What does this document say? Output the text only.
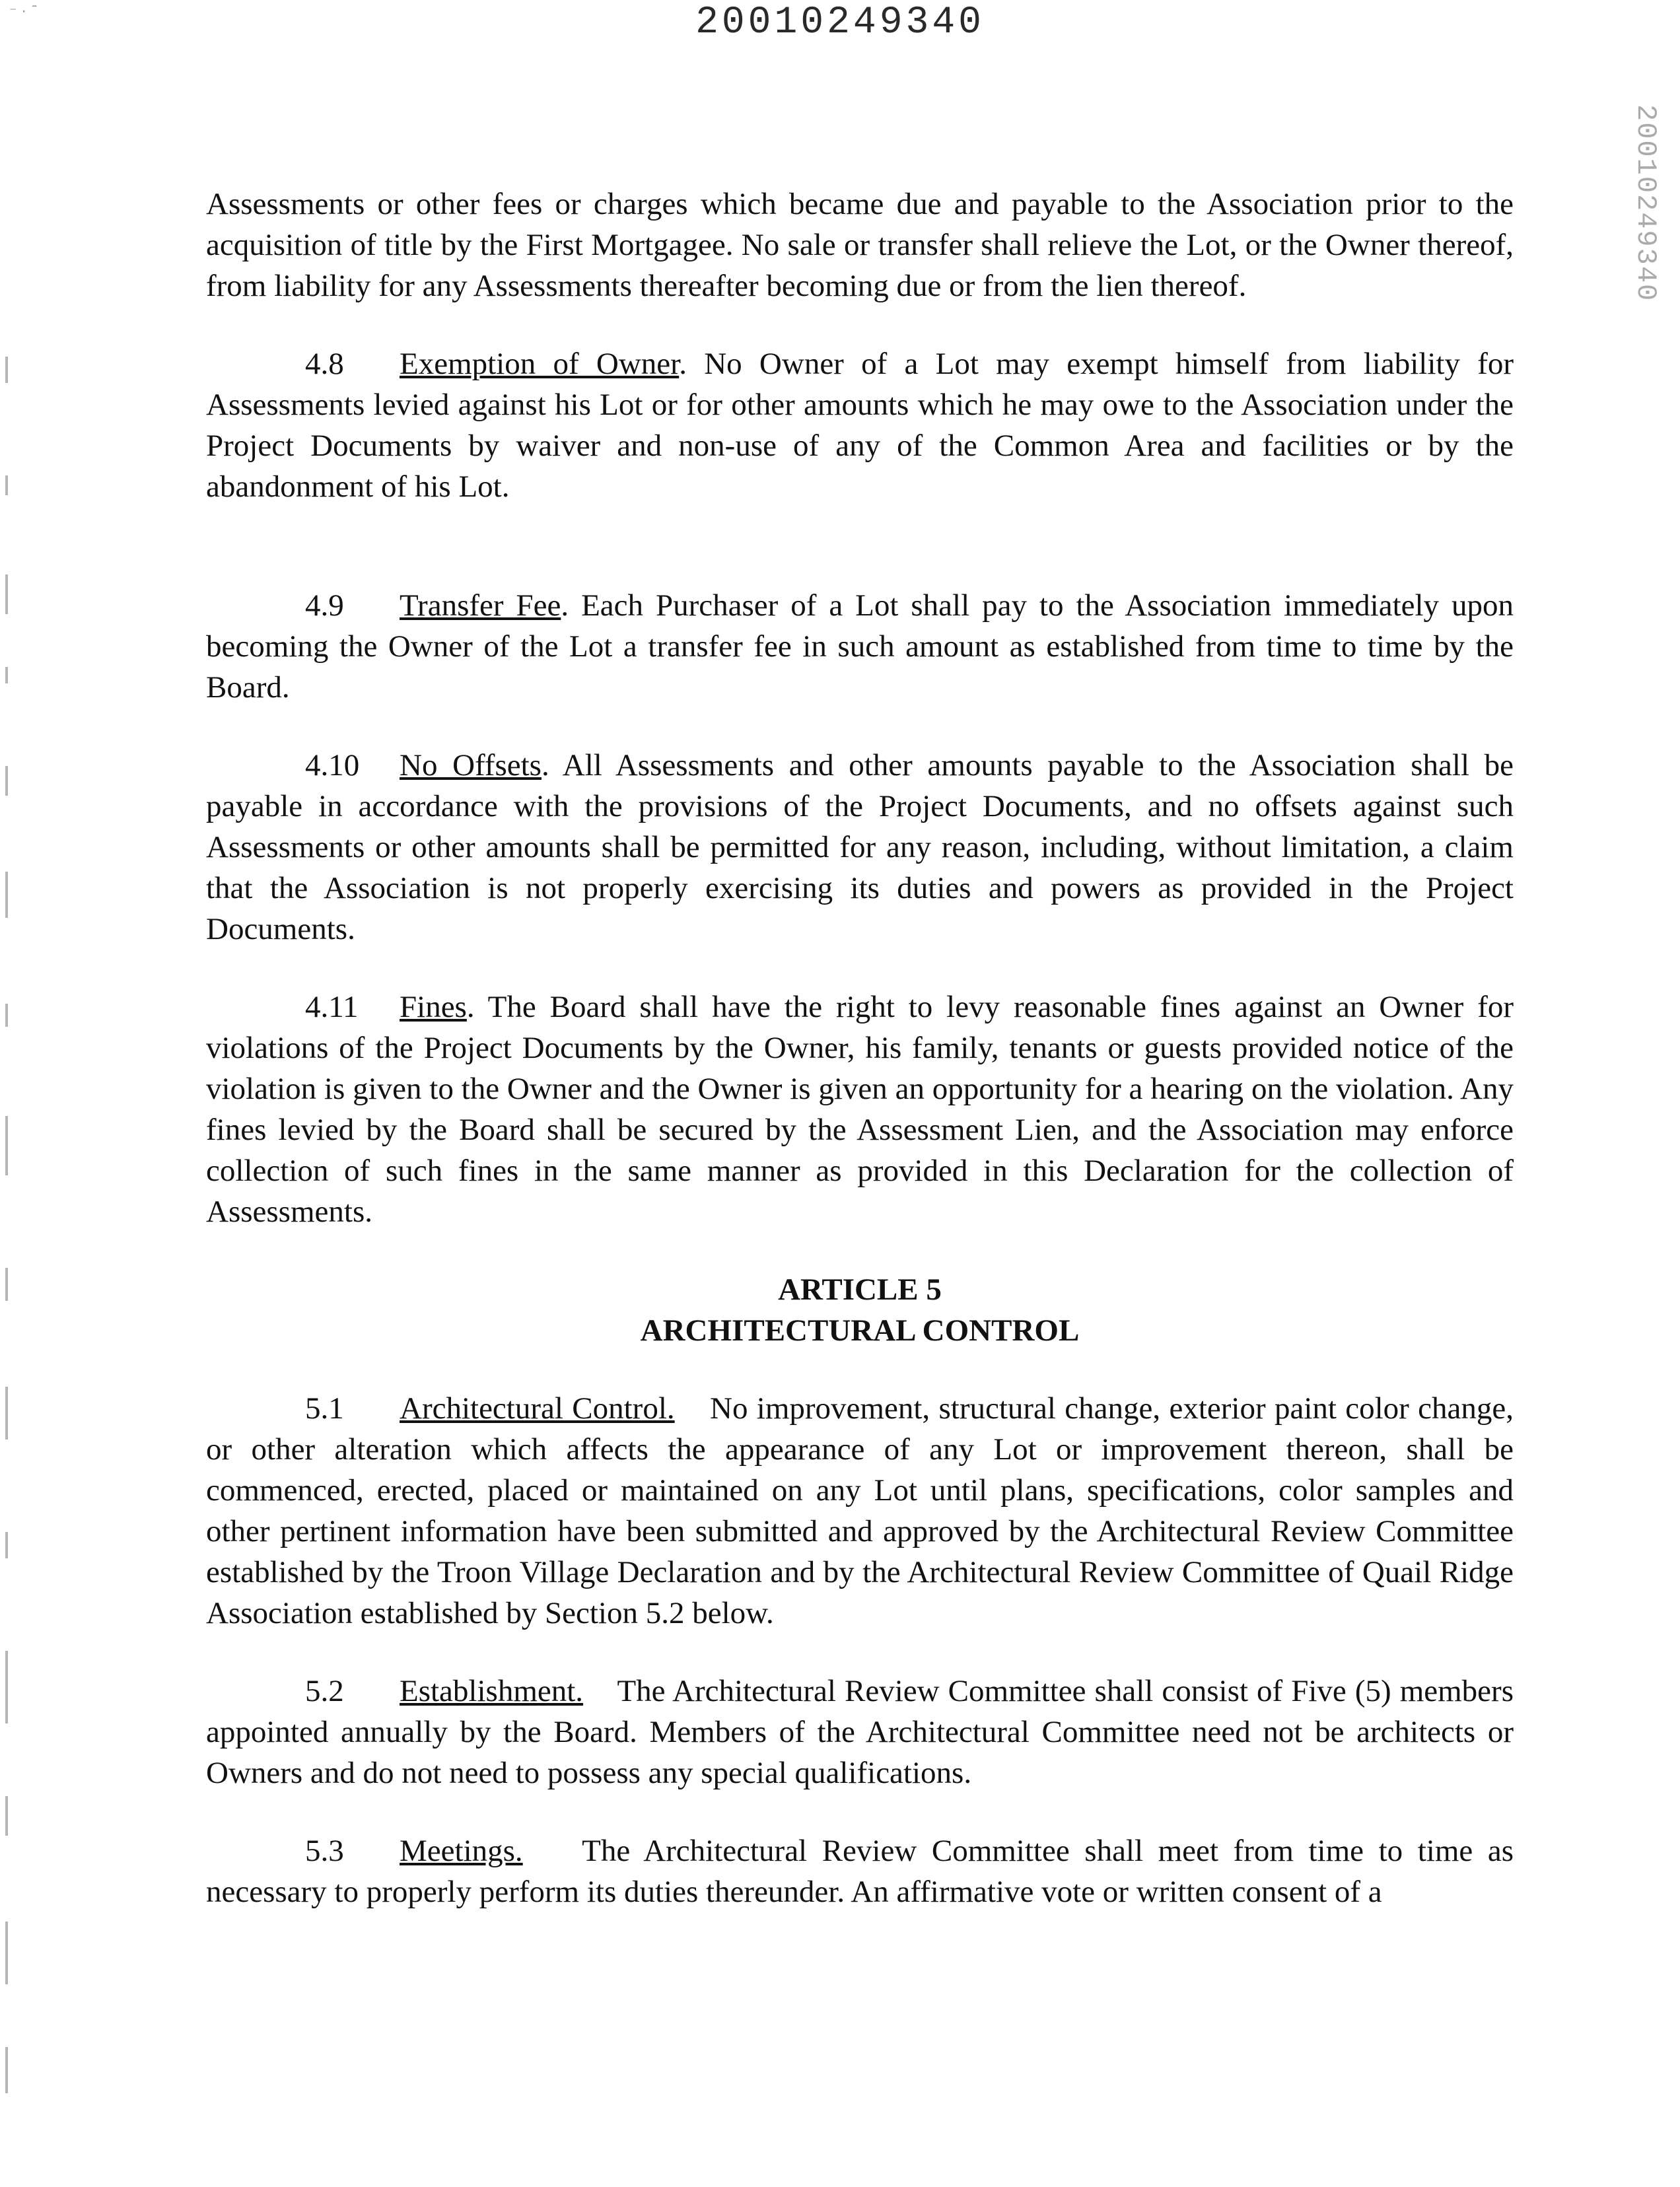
⁻ · ˉ	20010249340
20010249340

Assessments or other fees or charges which became due and payable to the Association prior to the acquisition of title by the First Mortgagee. No sale or transfer shall relieve the Lot, or the Owner thereof, from liability for any Assessments thereafter becoming due or from the lien thereof.

4.8 Exemption of Owner. No Owner of a Lot may exempt himself from liability for Assessments levied against his Lot or for other amounts which he may owe to the Association under the Project Documents by waiver and non-use of any of the Common Area and facilities or by the abandonment of his Lot.

4.9 Transfer Fee. Each Purchaser of a Lot shall pay to the Association immediately upon becoming the Owner of the Lot a transfer fee in such amount as established from time to time by the Board.

4.10 No Offsets. All Assessments and other amounts payable to the Association shall be payable in accordance with the provisions of the Project Documents, and no offsets against such Assessments or other amounts shall be permitted for any reason, including, without limitation, a claim that the Association is not properly exercising its duties and powers as provided in the Project Documents.

4.11 Fines. The Board shall have the right to levy reasonable fines against an Owner for violations of the Project Documents by the Owner, his family, tenants or guests provided notice of the violation is given to the Owner and the Owner is given an opportunity for a hearing on the violation. Any fines levied by the Board shall be secured by the Assessment Lien, and the Association may enforce collection of such fines in the same manner as provided in this Declaration for the collection of Assessments.

ARTICLE 5
ARCHITECTURAL CONTROL

5.1 Architectural Control. No improvement, structural change, exterior paint color change, or other alteration which affects the appearance of any Lot or improvement thereon, shall be commenced, erected, placed or maintained on any Lot until plans, specifications, color samples and other pertinent information have been submitted and approved by the Architectural Review Committee established by the Troon Village Declaration and by the Architectural Review Committee of Quail Ridge Association established by Section 5.2 below.

5.2 Establishment. The Architectural Review Committee shall consist of Five (5) members appointed annually by the Board. Members of the Architectural Committee need not be architects or Owners and do not need to possess any special qualifications.

5.3 Meetings. The Architectural Review Committee shall meet from time to time as necessary to properly perform its duties thereunder. An affirmative vote or written consent of a
